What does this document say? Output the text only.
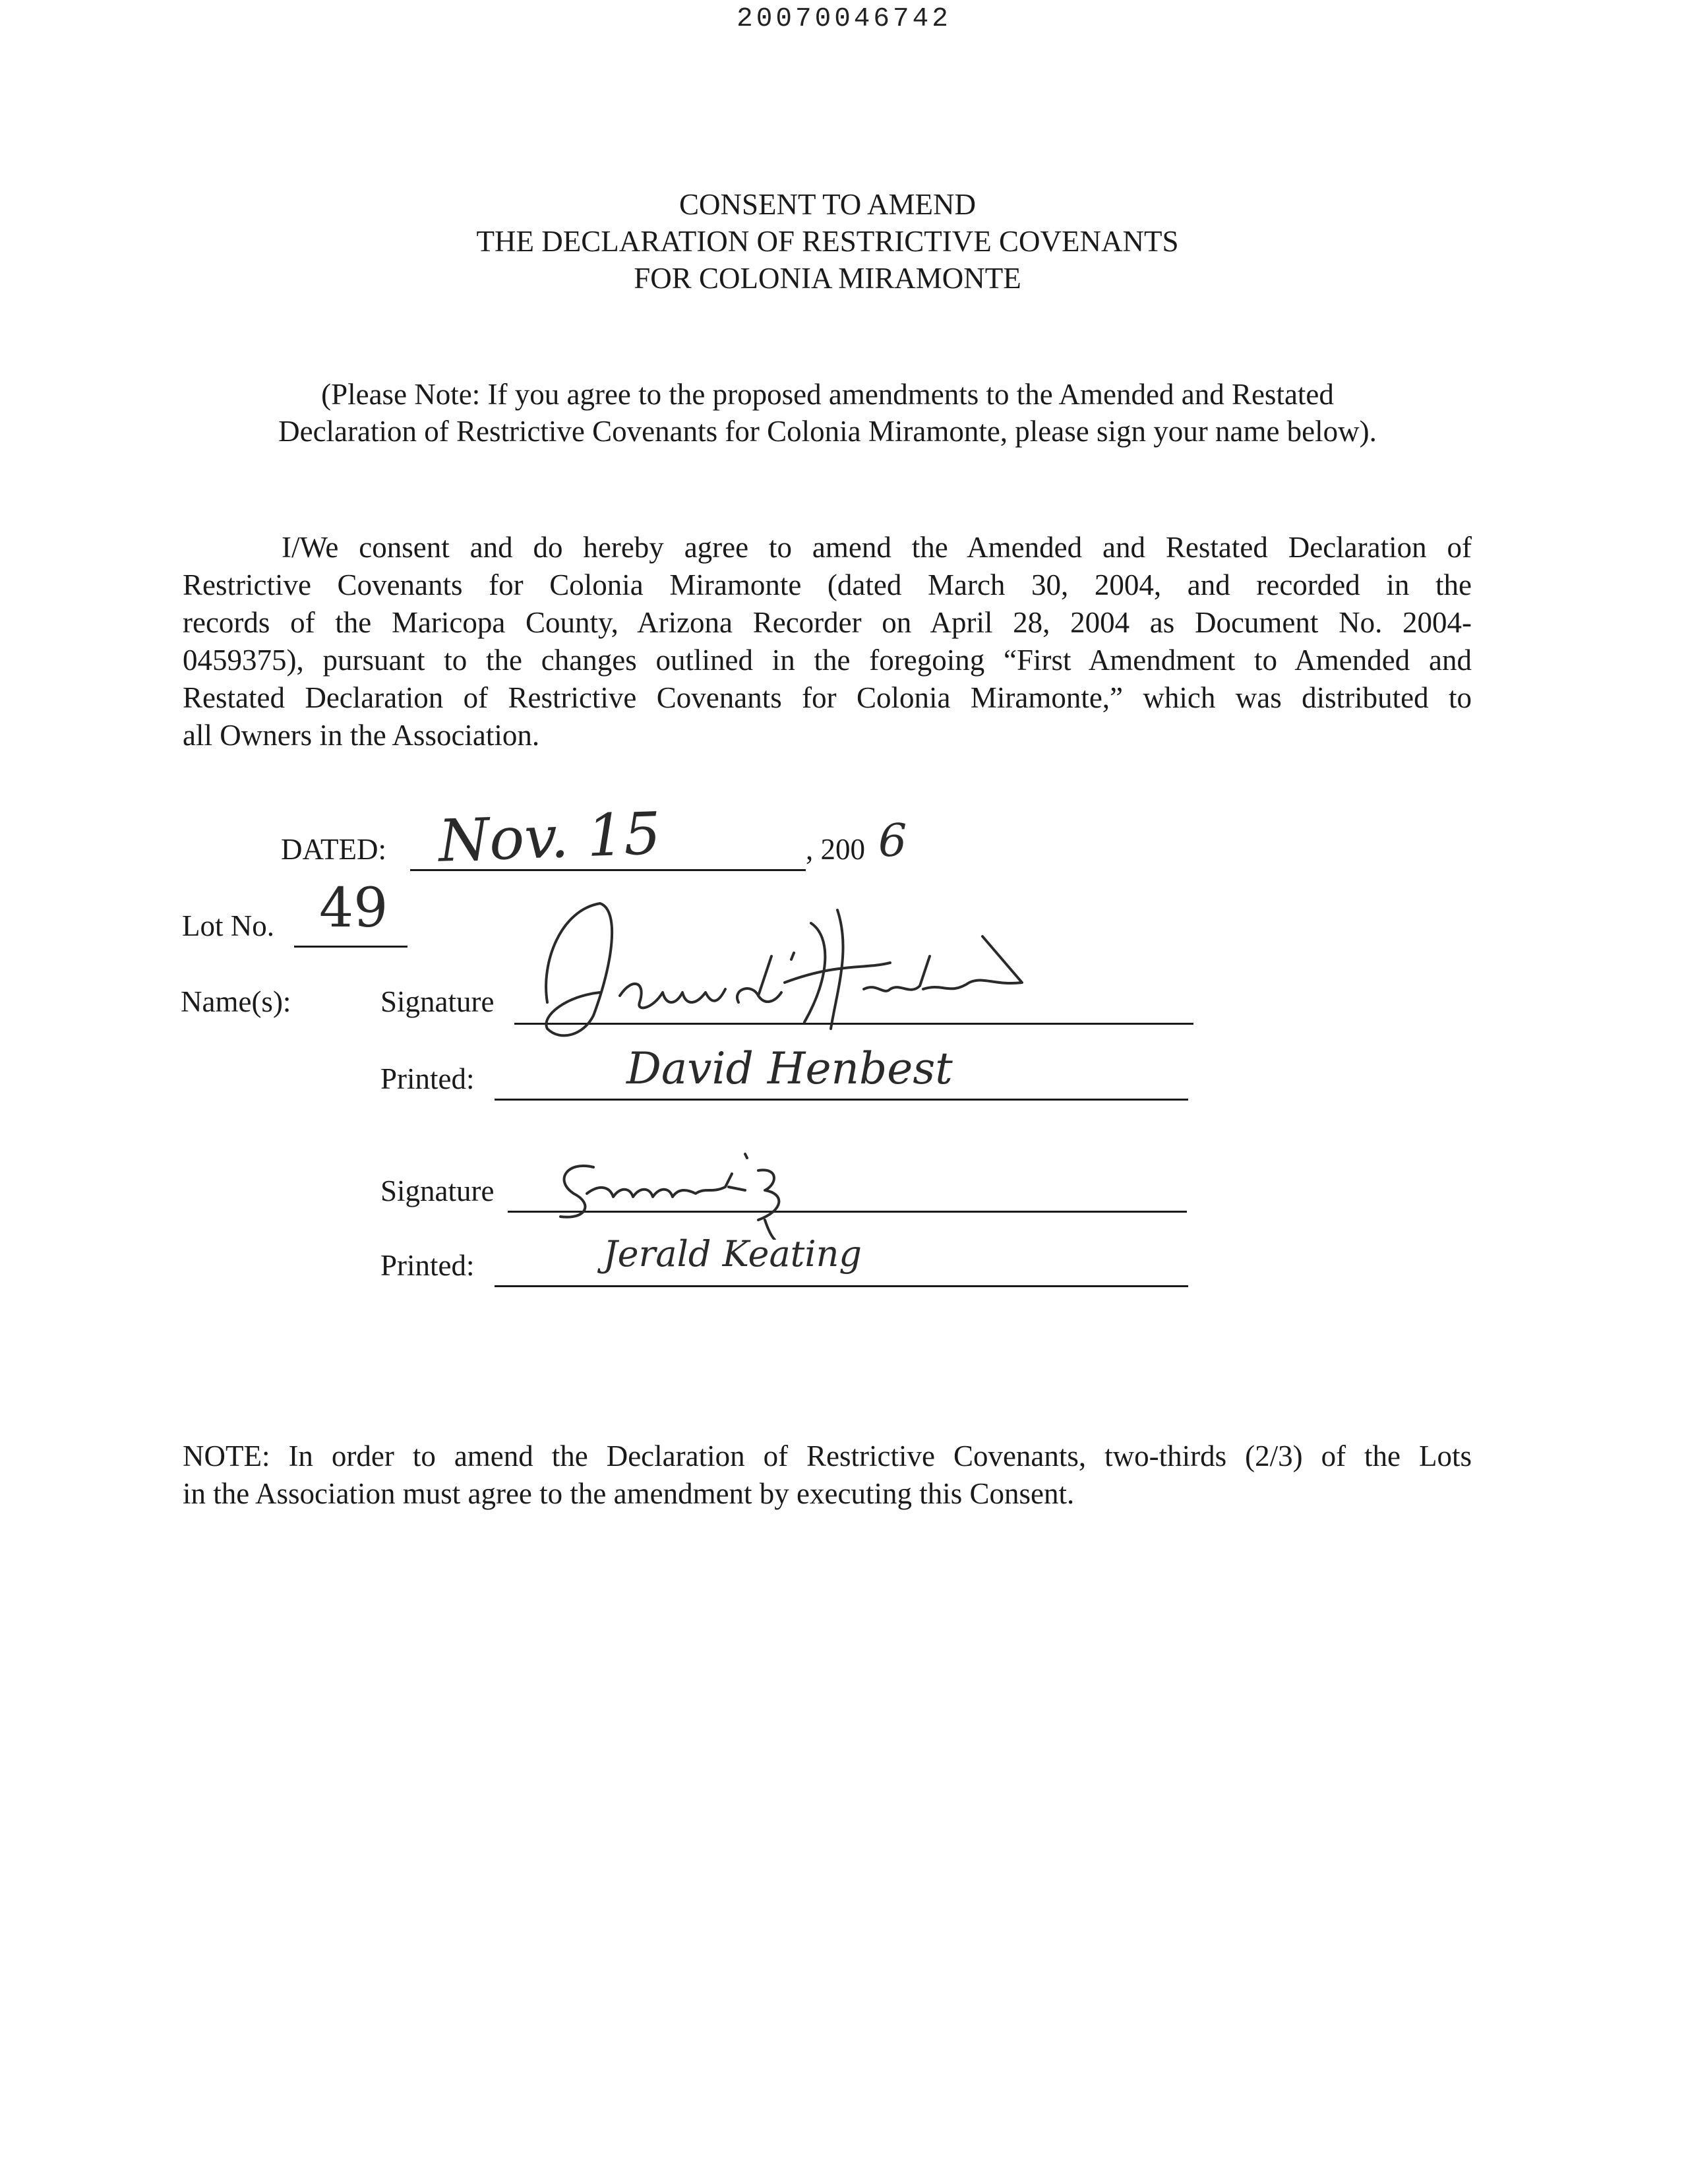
20070046742
CONSENT TO AMEND
THE DECLARATION OF RESTRICTIVE COVENANTS
FOR COLONIA MIRAMONTE
(Please Note: If you agree to the proposed amendments to the Amended and Restated
Declaration of Restrictive Covenants for Colonia Miramonte, please sign your name below).
I/We consent and do hereby agree to amend the Amended and Restated Declaration of
Restrictive Covenants for Colonia Miramonte (dated March 30, 2004, and recorded in the
records of the Maricopa County, Arizona Recorder on April 28, 2004 as Document No. 2004-
0459375), pursuant to the changes outlined in the foregoing “First Amendment to Amended and
Restated Declaration of Restrictive Covenants for Colonia Miramonte,” which was distributed to
all Owners in the Association.
DATED: Nov. 15	, 200 6
Lot No. 49
Name(s):	Signature
Printed:	David Henbest
Signature
Printed:	Jerald Keating
NOTE: In order to amend the Declaration of Restrictive Covenants, two-thirds (2/3) of the Lots
in the Association must agree to the amendment by executing this Consent.
